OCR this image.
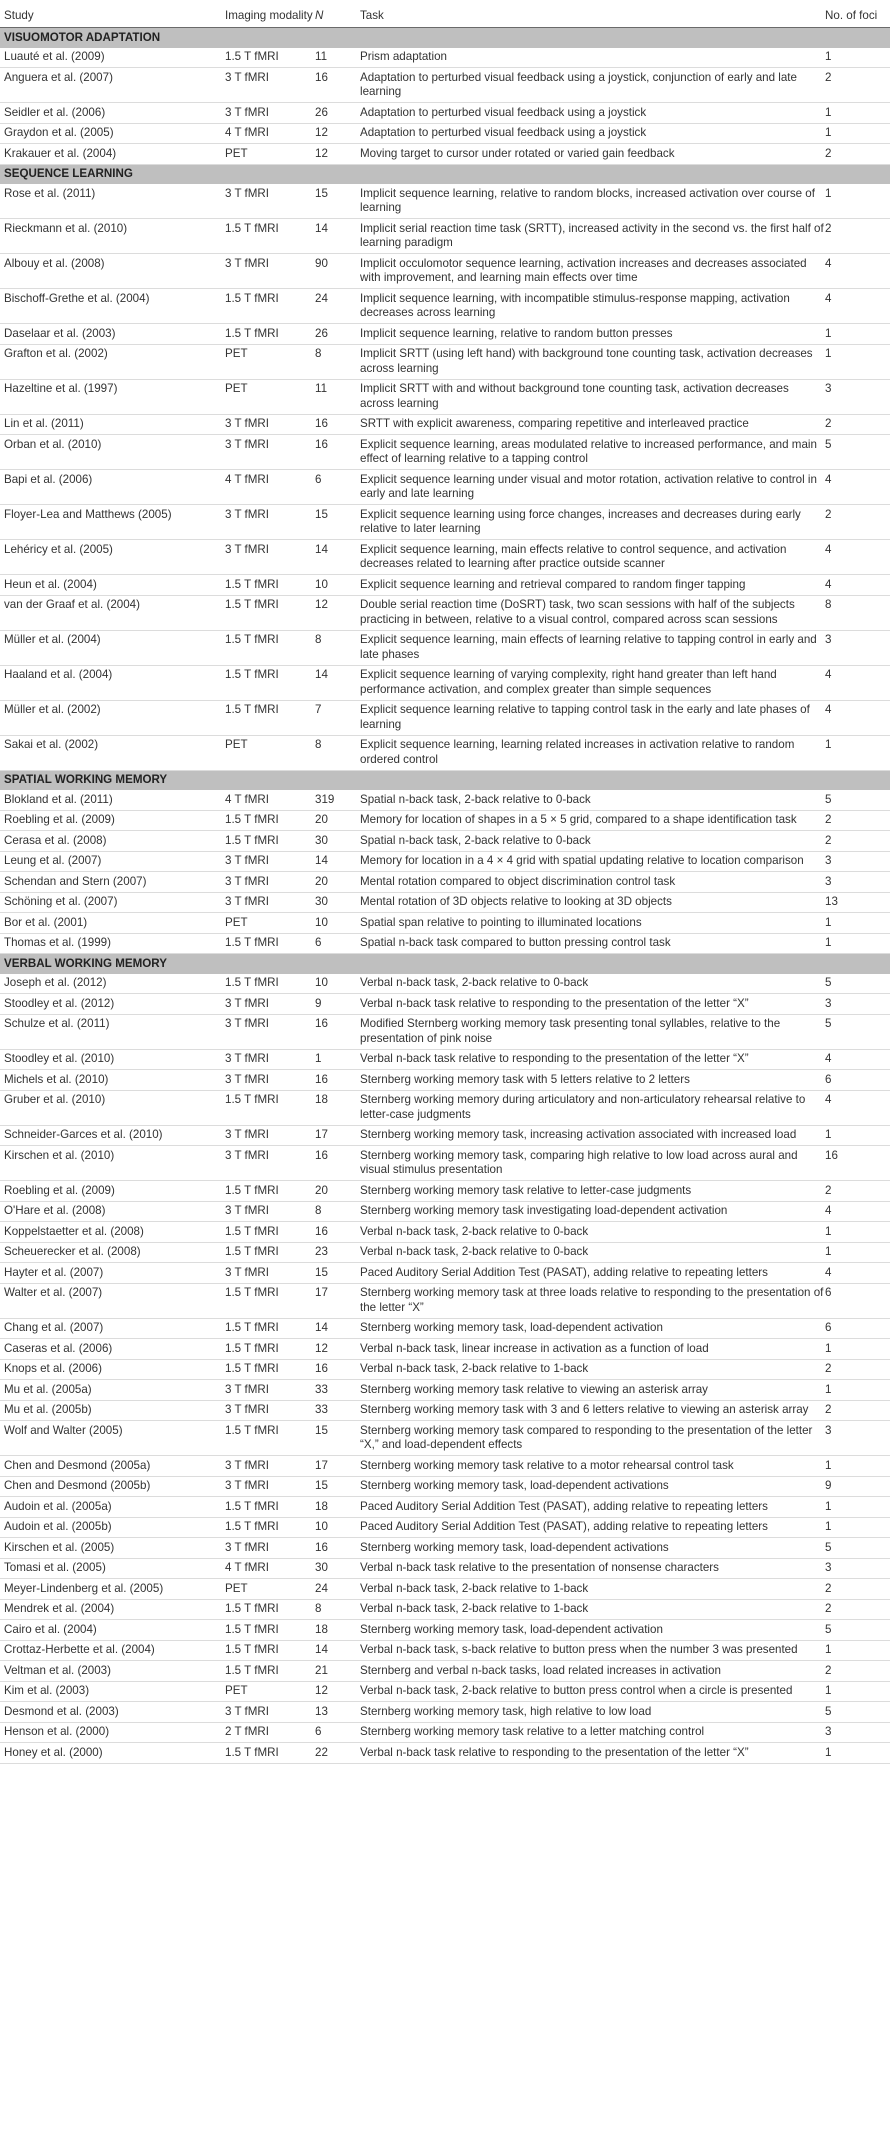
Study	Imaging modality	N	Task	No. of foci
VISUOMOTOR ADAPTATION				
Luauté et al. (2009)	1.5 T fMRI	11	Prism adaptation	1
Anguera et al. (2007)	3 T fMRI	16	Adaptation to perturbed visual feedback using a joystick, conjunction of early and late learning	2
Seidler et al. (2006)	3 T fMRI	26	Adaptation to perturbed visual feedback using a joystick	1
Graydon et al. (2005)	4 T fMRI	12	Adaptation to perturbed visual feedback using a joystick	1
Krakauer et al. (2004)	PET	12	Moving target to cursor under rotated or varied gain feedback	2
SEQUENCE LEARNING				
Rose et al. (2011)	3 T fMRI	15	Implicit sequence learning, relative to random blocks, increased activation over course of learning	1
Rieckmann et al. (2010)	1.5 T fMRI	14	Implicit serial reaction time task (SRTT), increased activity in the second vs. the first half of learning paradigm	2
Albouy et al. (2008)	3 T fMRI	90	Implicit occulomotor sequence learning, activation increases and decreases associated with improvement, and learning main effects over time	4
Bischoff-Grethe et al. (2004)	1.5 T fMRI	24	Implicit sequence learning, with incompatible stimulus-response mapping, activation decreases across learning	4
Daselaar et al. (2003)	1.5 T fMRI	26	Implicit sequence learning, relative to random button presses	1
Grafton et al. (2002)	PET	8	Implicit SRTT (using left hand) with background tone counting task, activation decreases across learning	1
Hazeltine et al. (1997)	PET	11	Implicit SRTT with and without background tone counting task, activation decreases across learning	3
Lin et al. (2011)	3 T fMRI	16	SRTT with explicit awareness, comparing repetitive and interleaved practice	2
Orban et al. (2010)	3 T fMRI	16	Explicit sequence learning, areas modulated relative to increased performance, and main effect of learning relative to a tapping control	5
Bapi et al. (2006)	4 T fMRI	6	Explicit sequence learning under visual and motor rotation, activation relative to control in early and late learning	4
Floyer-Lea and Matthews (2005)	3 T fMRI	15	Explicit sequence learning using force changes, increases and decreases during early relative to later learning	2
Lehéricy et al. (2005)	3 T fMRI	14	Explicit sequence learning, main effects relative to control sequence, and activation decreases related to learning after practice outside scanner	4
Heun et al. (2004)	1.5 T fMRI	10	Explicit sequence learning and retrieval compared to random finger tapping	4
van der Graaf et al. (2004)	1.5 T fMRI	12	Double serial reaction time (DoSRT) task, two scan sessions with half of the subjects practicing in between, relative to a visual control, compared across scan sessions	8
Müller et al. (2004)	1.5 T fMRI	8	Explicit sequence learning, main effects of learning relative to tapping control in early and late phases	3
Haaland et al. (2004)	1.5 T fMRI	14	Explicit sequence learning of varying complexity, right hand greater than left hand performance activation, and complex greater than simple sequences	4
Müller et al. (2002)	1.5 T fMRI	7	Explicit sequence learning relative to tapping control task in the early and late phases of learning	4
Sakai et al. (2002)	PET	8	Explicit sequence learning, learning related increases in activation relative to random ordered control	1
SPATIAL WORKING MEMORY				
Blokland et al. (2011)	4 T fMRI	319	Spatial n-back task, 2-back relative to 0-back	5
Roebling et al. (2009)	1.5 T fMRI	20	Memory for location of shapes in a 5 × 5 grid, compared to a shape identification task	2
Cerasa et al. (2008)	1.5 T fMRI	30	Spatial n-back task, 2-back relative to 0-back	2
Leung et al. (2007)	3 T fMRI	14	Memory for location in a 4 × 4 grid with spatial updating relative to location comparison	3
Schendan and Stern (2007)	3 T fMRI	20	Mental rotation compared to object discrimination control task	3
Schöning et al. (2007)	3 T fMRI	30	Mental rotation of 3D objects relative to looking at 3D objects	13
Bor et al. (2001)	PET	10	Spatial span relative to pointing to illuminated locations	1
Thomas et al. (1999)	1.5 T fMRI	6	Spatial n-back task compared to button pressing control task	1
VERBAL WORKING MEMORY				
Joseph et al. (2012)	1.5 T fMRI	10	Verbal n-back task, 2-back relative to 0-back	5
Stoodley et al. (2012)	3 T fMRI	9	Verbal n-back task relative to responding to the presentation of the letter “X”	3
Schulze et al. (2011)	3 T fMRI	16	Modified Sternberg working memory task presenting tonal syllables, relative to the presentation of pink noise	5
Stoodley et al. (2010)	3 T fMRI	1	Verbal n-back task relative to responding to the presentation of the letter “X”	4
Michels et al. (2010)	3 T fMRI	16	Sternberg working memory task with 5 letters relative to 2 letters	6
Gruber et al. (2010)	1.5 T fMRI	18	Sternberg working memory during articulatory and non-articulatory rehearsal relative to letter-case judgments	4
Schneider-Garces et al. (2010)	3 T fMRI	17	Sternberg working memory task, increasing activation associated with increased load	1
Kirschen et al. (2010)	3 T fMRI	16	Sternberg working memory task, comparing high relative to low load across aural and visual stimulus presentation	16
Roebling et al. (2009)	1.5 T fMRI	20	Sternberg working memory task relative to letter-case judgments	2
O'Hare et al. (2008)	3 T fMRI	8	Sternberg working memory task investigating load-dependent activation	4
Koppelstaetter et al. (2008)	1.5 T fMRI	16	Verbal n-back task, 2-back relative to 0-back	1
Scheuerecker et al. (2008)	1.5 T fMRI	23	Verbal n-back task, 2-back relative to 0-back	1
Hayter et al. (2007)	3 T fMRI	15	Paced Auditory Serial Addition Test (PASAT), adding relative to repeating letters	4
Walter et al. (2007)	1.5 T fMRI	17	Sternberg working memory task at three loads relative to responding to the presentation of the letter “X”	6
Chang et al. (2007)	1.5 T fMRI	14	Sternberg working memory task, load-dependent activation	6
Caseras et al. (2006)	1.5 T fMRI	12	Verbal n-back task, linear increase in activation as a function of load	1
Knops et al. (2006)	1.5 T fMRI	16	Verbal n-back task, 2-back relative to 1-back	2
Mu et al. (2005a)	3 T fMRI	33	Sternberg working memory task relative to viewing an asterisk array	1
Mu et al. (2005b)	3 T fMRI	33	Sternberg working memory task with 3 and 6 letters relative to viewing an asterisk array	2
Wolf and Walter (2005)	1.5 T fMRI	15	Sternberg working memory task compared to responding to the presentation of the letter “X,” and load-dependent effects	3
Chen and Desmond (2005a)	3 T fMRI	17	Sternberg working memory task relative to a motor rehearsal control task	1
Chen and Desmond (2005b)	3 T fMRI	15	Sternberg working memory task, load-dependent activations	9
Audoin et al. (2005a)	1.5 T fMRI	18	Paced Auditory Serial Addition Test (PASAT), adding relative to repeating letters	1
Audoin et al. (2005b)	1.5 T fMRI	10	Paced Auditory Serial Addition Test (PASAT), adding relative to repeating letters	1
Kirschen et al. (2005)	3 T fMRI	16	Sternberg working memory task, load-dependent activations	5
Tomasi et al. (2005)	4 T fMRI	30	Verbal n-back task relative to the presentation of nonsense characters	3
Meyer-Lindenberg et al. (2005)	PET	24	Verbal n-back task, 2-back relative to 1-back	2
Mendrek et al. (2004)	1.5 T fMRI	8	Verbal n-back task, 2-back relative to 1-back	2
Cairo et al. (2004)	1.5 T fMRI	18	Sternberg working memory task, load-dependent activation	5
Crottaz-Herbette et al. (2004)	1.5 T fMRI	14	Verbal n-back task, s-back relative to button press when the number 3 was presented	1
Veltman et al. (2003)	1.5 T fMRI	21	Sternberg and verbal n-back tasks, load related increases in activation	2
Kim et al. (2003)	PET	12	Verbal n-back task, 2-back relative to button press control when a circle is presented	1
Desmond et al. (2003)	3 T fMRI	13	Sternberg working memory task, high relative to low load	5
Henson et al. (2000)	2 T fMRI	6	Sternberg working memory task relative to a letter matching control	3
Honey et al. (2000)	1.5 T fMRI	22	Verbal n-back task relative to responding to the presentation of the letter “X”	1
